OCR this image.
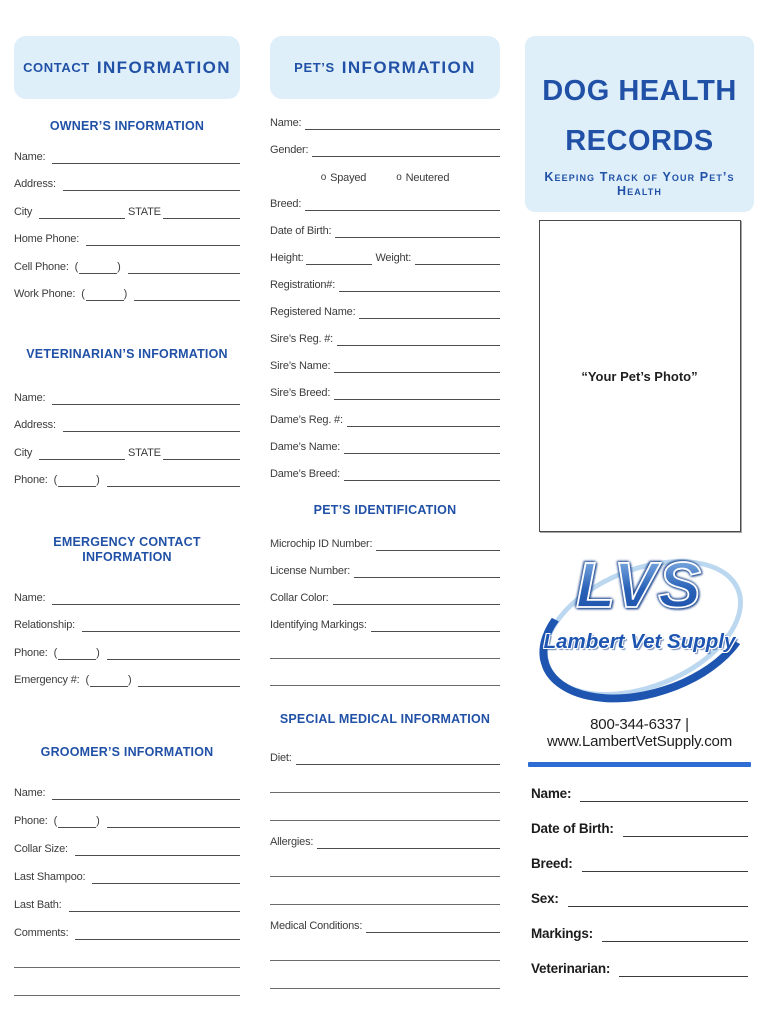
CONTACT INFORMATION
OWNER’S INFORMATION
Name:
Address:
City	STATE
Home Phone:
Cell Phone: (	)
Work Phone: (	)
VETERINARIAN’S INFORMATION
Name:
Address:
City	STATE
Phone: (	)
EMERGENCY CONTACT INFORMATION
Name:
Relationship:
Phone: (	)
Emergency #: (	)
GROOMER’S INFORMATION
Name:
Phone: (	)
Collar Size:
Last Shampoo:
Last Bath:
Comments:
PET’S INFORMATION
Name:
Gender:
o Spayed	o Neutered
Breed:
Date of Birth:
Height:	Weight:
Registration#:
Registered Name:
Sire’s Reg. #:
Sire’s Name:
Sire’s Breed:
Dame’s Reg. #:
Dame’s Name:
Dame’s Breed:
PET’S IDENTIFICATION
Microchip ID Number:
License Number:
Collar Color:
Identifying Markings:
SPECIAL MEDICAL INFORMATION
Diet:
Allergies:
Medical Conditions:
DOG HEALTH
RECORDS
Keeping Track of Your Pet’s Health
“Your Pet’s Photo”
LVS
Lambert Vet Supply
800-344-6337 | www.LambertVetSupply.com
Name:
Date of Birth:
Breed:
Sex:
Markings:
Veterinarian:
